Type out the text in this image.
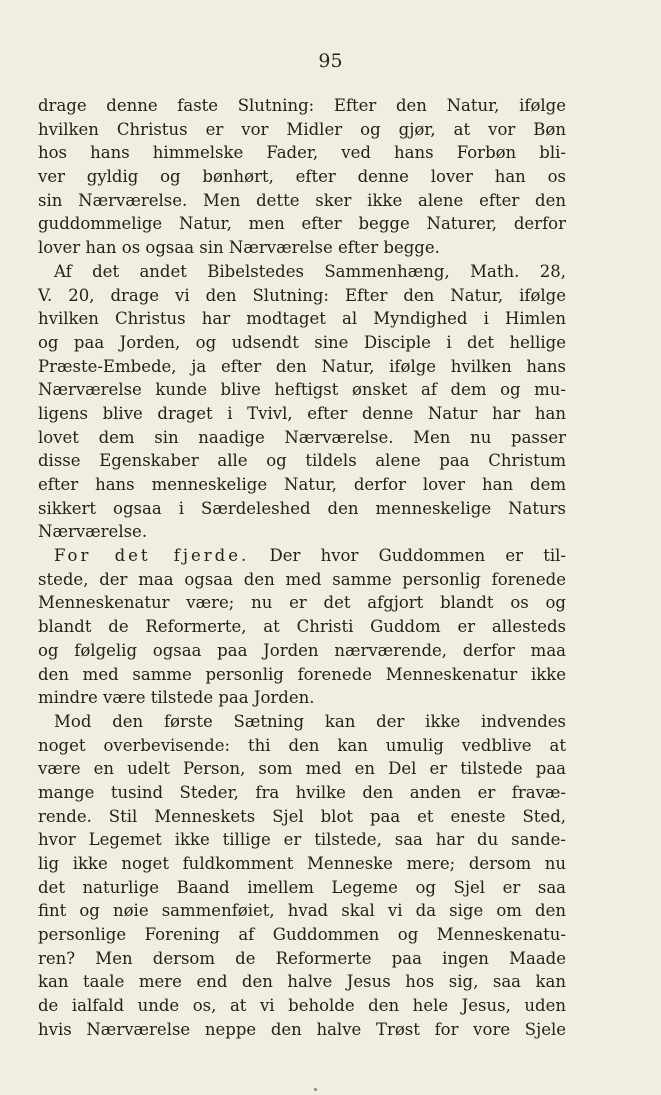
95
drage denne faste Slutning: Efter den Natur, ifølge
hvilken Christus er vor Midler og gjør, at vor Bøn
hos hans himmelske Fader, ved hans Forbøn bli-
ver gyldig og bønhørt, efter denne lover han os
sin Nærværelse. Men dette sker ikke alene efter den
guddommelige Natur, men efter begge Naturer, derfor
lover han os ogsaa sin Nærværelse efter begge.
Af det andet Bibelstedes Sammenhæng, Math. 28,
V. 20, drage vi den Slutning: Efter den Natur, ifølge
hvilken Christus har modtaget al Myndighed i Himlen
og paa Jorden, og udsendt sine Disciple i det hellige
Præste-Embede, ja efter den Natur, ifølge hvilken hans
Nærværelse kunde blive heftigst ønsket af dem og mu-
ligens blive draget i Tvivl, efter denne Natur har han
lovet dem sin naadige Nærværelse. Men nu passer
disse Egenskaber alle og tildels alene paa Christum
efter hans menneskelige Natur, derfor lover han dem
sikkert ogsaa i Særdeleshed den menneskelige Naturs
Nærværelse.
For det fjerde. Der hvor Guddommen er til-
stede, der maa ogsaa den med samme personlig forenede
Menneskenatur være; nu er det afgjort blandt os og
blandt de Reformerte, at Christi Guddom er allesteds
og følgelig ogsaa paa Jorden nærværende, derfor maa
den med samme personlig forenede Menneskenatur ikke
mindre være tilstede paa Jorden.
Mod den første Sætning kan der ikke indvendes
noget overbevisende: thi den kan umulig vedblive at
være en udelt Person, som med en Del er tilstede paa
mange tusind Steder, fra hvilke den anden er fravæ-
rende. Stil Menneskets Sjel blot paa et eneste Sted,
hvor Legemet ikke tillige er tilstede, saa har du sande-
lig ikke noget fuldkomment Menneske mere; dersom nu
det naturlige Baand imellem Legeme og Sjel er saa
fint og nøie sammenføiet, hvad skal vi da sige om den
personlige Forening af Guddommen og Menneskenatu-
ren? Men dersom de Reformerte paa ingen Maade
kan taale mere end den halve Jesus hos sig, saa kan
de ialfald unde os, at vi beholde den hele Jesus, uden
hvis Nærværelse neppe den halve Trøst for vore Sjele
